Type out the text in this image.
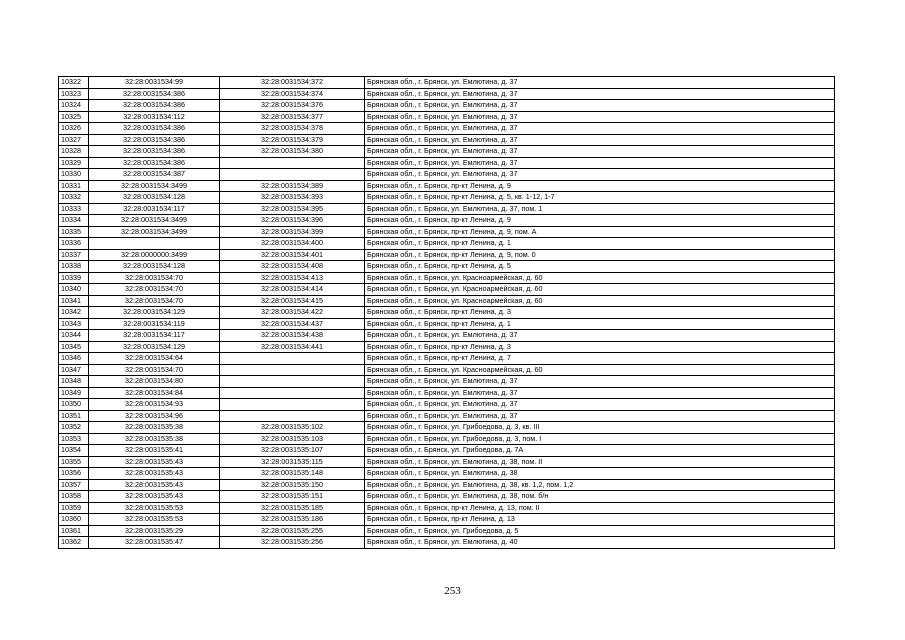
10322	32:28:0031534:99	32:28:0031534:372	Брянская обл., г. Брянск, ул. Емлютина, д. 37
10323	32:28:0031534:386	32:28:0031534:374	Брянская обл., г. Брянск, ул. Емлютина, д. 37
10324	32:28:0031534:386	32:28:0031534:376	Брянская обл., г. Брянск, ул. Емлютина, д. 37
10325	32:28:0031534:112	32:28:0031534:377	Брянская обл., г. Брянск, ул. Емлютина, д. 37
10326	32:28:0031534:386	32:28:0031534:378	Брянская обл., г. Брянск, ул. Емлютина, д. 37
10327	32:28:0031534:386	32:28:0031534:379	Брянская обл., г. Брянск, ул. Емлютина, д. 37
10328	32:28:0031534:386	32:28:0031534:380	Брянская обл., г. Брянск, ул. Емлютина, д. 37
10329	32:28:0031534:386		Брянская обл., г. Брянск, ул. Емлютина, д. 37
10330	32:28:0031534:387		Брянская обл., г. Брянск, ул. Емлютина, д. 37
10331	32:28:0031534:3499	32:28:0031534:389	Брянская обл., г. Брянск, пр-кт Ленина, д. 9
10332	32:28:0031534:128	32:28:0031534:393	Брянская обл., г. Брянск, пр-кт Ленина, д. 5, кв. 1-12, 1-7
10333	32:28:0031534:117	32:28:0031534:395	Брянская обл., г. Брянск, ул. Емлютина, д. 37, пом. 1
10334	32:28:0031534:3499	32:28:0031534:396	Брянская обл., г. Брянск, пр-кт Ленина, д. 9
10335	32:28:0031534:3499	32:28:0031534:399	Брянская обл., г. Брянск, пр-кт Ленина, д. 9, пом. А
10336		32:28:0031534:400	Брянская обл., г. Брянск, пр-кт Ленина, д. 1
10337	32:28:0000000:3499	32:28:0031534:401	Брянская обл., г. Брянск, пр-кт Ленина, д. 9, пом. 0
10338	32:28:0031534:128	32:28:0031534:408	Брянская обл., г. Брянск, пр-кт Ленина, д. 5
10339	32:28:0031534:70	32:28:0031534:413	Брянская обл., г. Брянск, ул. Красноармейская, д. 60
10340	32:28:0031534:70	32:28:0031534:414	Брянская обл., г. Брянск, ул. Красноармейская, д. 60
10341	32:28:0031534:70	32:28:0031534:415	Брянская обл., г. Брянск, ул. Красноармейская, д. 60
10342	32:28:0031534:129	32:28:0031534:422	Брянская обл., г. Брянск, пр-кт Ленина, д. 3
10343	32:28:0031534:119	32:28:0031534:437	Брянская обл., г. Брянск, пр-кт Ленина, д. 1
10344	32:28:0031534:117	32:28:0031534:438	Брянская обл., г. Брянск, ул. Емлютина, д. 37
10345	32:28:0031534:129	32:28:0031534:441	Брянская обл., г. Брянск, пр-кт Ленина, д. 3
10346	32:28:0031534:64		Брянская обл., г. Брянск, пр-кт Ленина, д. 7
10347	32:28:0031534:70		Брянская обл., г. Брянск, ул. Красноармейская, д. 60
10348	32:28:0031534:80		Брянская обл., г. Брянск, ул. Емлютина, д. 37
10349	32:28:0031534:84		Брянская обл., г. Брянск, ул. Емлютина, д. 37
10350	32:28:0031534:93		Брянская обл., г. Брянск, ул. Емлютина, д. 37
10351	32:28:0031534:96		Брянская обл., г. Брянск, ул. Емлютина, д. 37
10352	32:28:0031535:38	32:28:0031535:102	Брянская обл., г. Брянск, ул. Грибоедова, д. 3, кв. III
10353	32:28:0031535:38	32:28:0031535:103	Брянская обл., г. Брянск, ул. Грибоедова, д. 3, пом. I
10354	32:28:0031535:41	32:28:0031535:107	Брянская обл., г. Брянск, ул. Грибоедова, д. 7А
10355	32:28:0031535:43	32:28:0031535:115	Брянская обл., г. Брянск, ул. Емлютина, д. 38, пом. II
10356	32:28:0031535:43	32:28:0031535:148	Брянская обл., г. Брянск, ул. Емлютина, д. 38
10357	32:28:0031535:43	32:28:0031535:150	Брянская обл., г. Брянск, ул. Емлютина, д. 38, кв. 1,2, пом. 1,2
10358	32:28:0031535:43	32:28:0031535:151	Брянская обл., г. Брянск, ул. Емлютина, д. 38, пом. б/н
10359	32:28:0031535:53	32:28:0031535:185	Брянская обл., г. Брянск, пр-кт Ленина, д. 13, пом. II
10360	32:28:0031535:53	32:28:0031535:186	Брянская обл., г. Брянск, пр-кт Ленина, д. 13
10361	32:28:0031535:29	32:28:0031535:255	Брянская обл., г. Брянск, ул. Грибоедова, д. 5
10362	32:28:0031535:47	32:28:0031535:256	Брянская обл., г. Брянск, ул. Емлютина, д. 40
253
